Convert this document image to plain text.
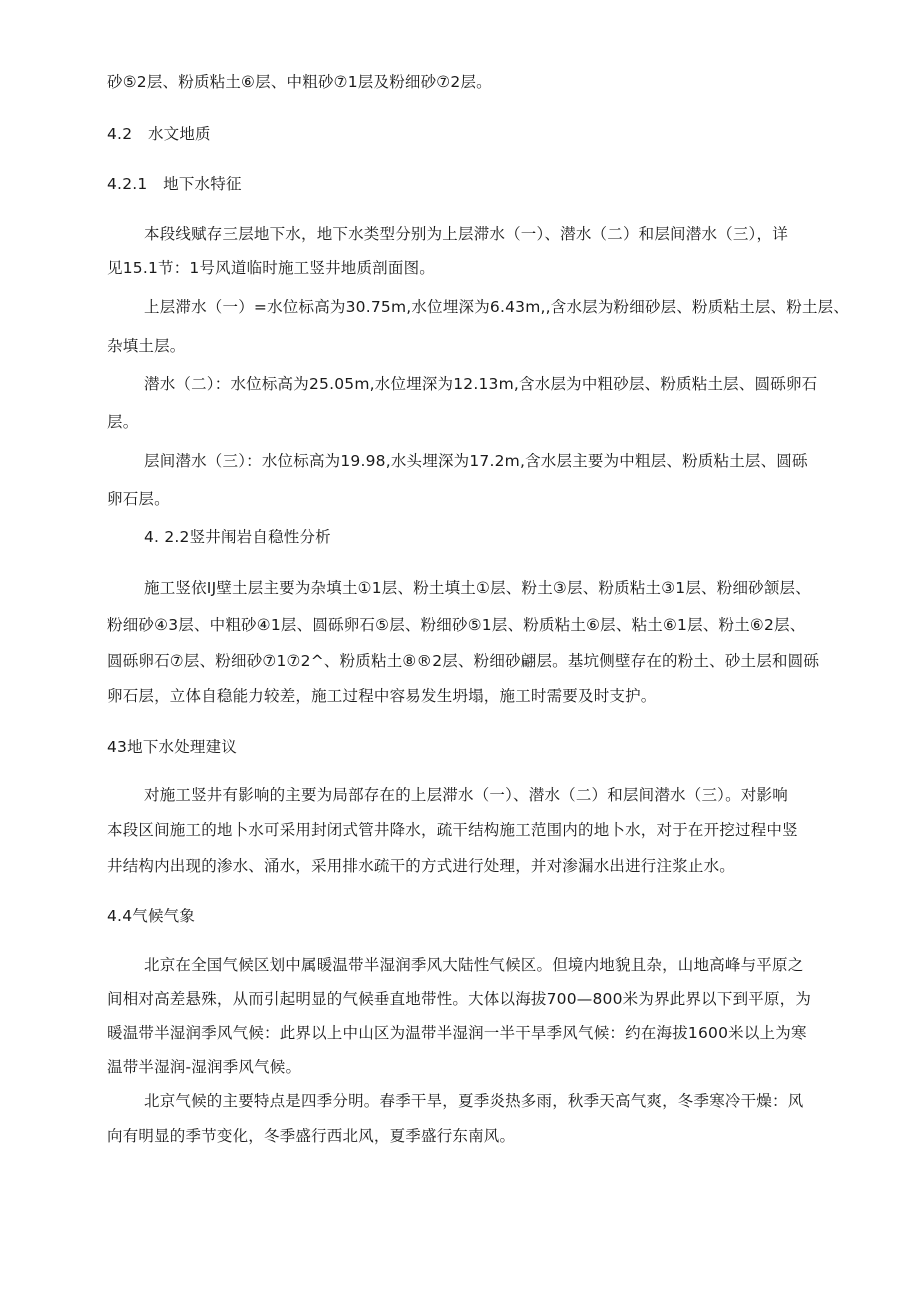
砂⑤2层、粉质粘土⑥层、中粗砂⑦1层及粉细砂⑦2层。
4.2　水文地质
4.2.1　地下水特征
本段线赋存三层地下水，地下水类型分别为上层滞水（一）、潜水（二）和层间潜水（三），详
见15.1节：1号风道临时施工竖井地质剖面图。
上层滞水（一）=水位标高为30.75m,水位埋深为6.43m,,含水层为粉细砂层、粉质粘土层、粉土层、
杂填土层。
潜水（二）：水位标高为25.05m,水位埋深为12.13m,含水层为中粗砂层、粉质粘土层、圆砾卵石
层。
层间潜水（三）：水位标高为19.98,水头埋深为17.2m,含水层主要为中粗层、粉质粘土层、圆砾
卵石层。
4. 2.2竖井闱岩自稳性分析
施工竖依IJ壁土层主要为杂填土①1层、粉土填土①层、粉土③层、粉质粘土③1层、粉细砂颔层、
粉细砂④3层、中粗砂④1层、圆砾卵石⑤层、粉细砂⑤1层、粉质粘土⑥层、粘土⑥1层、粉土⑥2层、
圆砾卵石⑦层、粉细砂⑦1⑦2^、粉质粘土⑧®2层、粉细砂翩层。基坑侧壁存在的粉土、砂土层和圆砾
卵石层，立体自稳能力较差，施工过程中容易发生坍塌，施工时需要及时支护。
43地下水处理建议
对施工竖井有影响的主要为局部存在的上层滞水（一）、潜水（二）和层间潜水（三）。对影响
本段区间施工的地卜水可采用封闭式管井降水，疏干结构施工范围内的地卜水，对于在开挖过程中竖
井结构内出现的渗水、涌水，采用排水疏干的方式进行处理，并对渗漏水出进行注浆止水。
4.4气候气象
北京在全国气候区划中属暖温带半湿润季风大陆性气候区。但境内地貌且杂，山地高峰与平原之
间相对高差悬殊，从而引起明显的气候垂直地带性。大体以海拔700—800米为界此界以下到平原，为
暖温带半湿润季风气候：此界以上中山区为温带半湿润一半干旱季风气候：约在海拔1600米以上为寒
温带半湿润-湿润季风气候。
北京气候的主要特点是四季分明。春季干旱，夏季炎热多雨，秋季天高气爽，冬季寒冷干燥：风
向有明显的季节变化，冬季盛行西北风，夏季盛行东南风。
